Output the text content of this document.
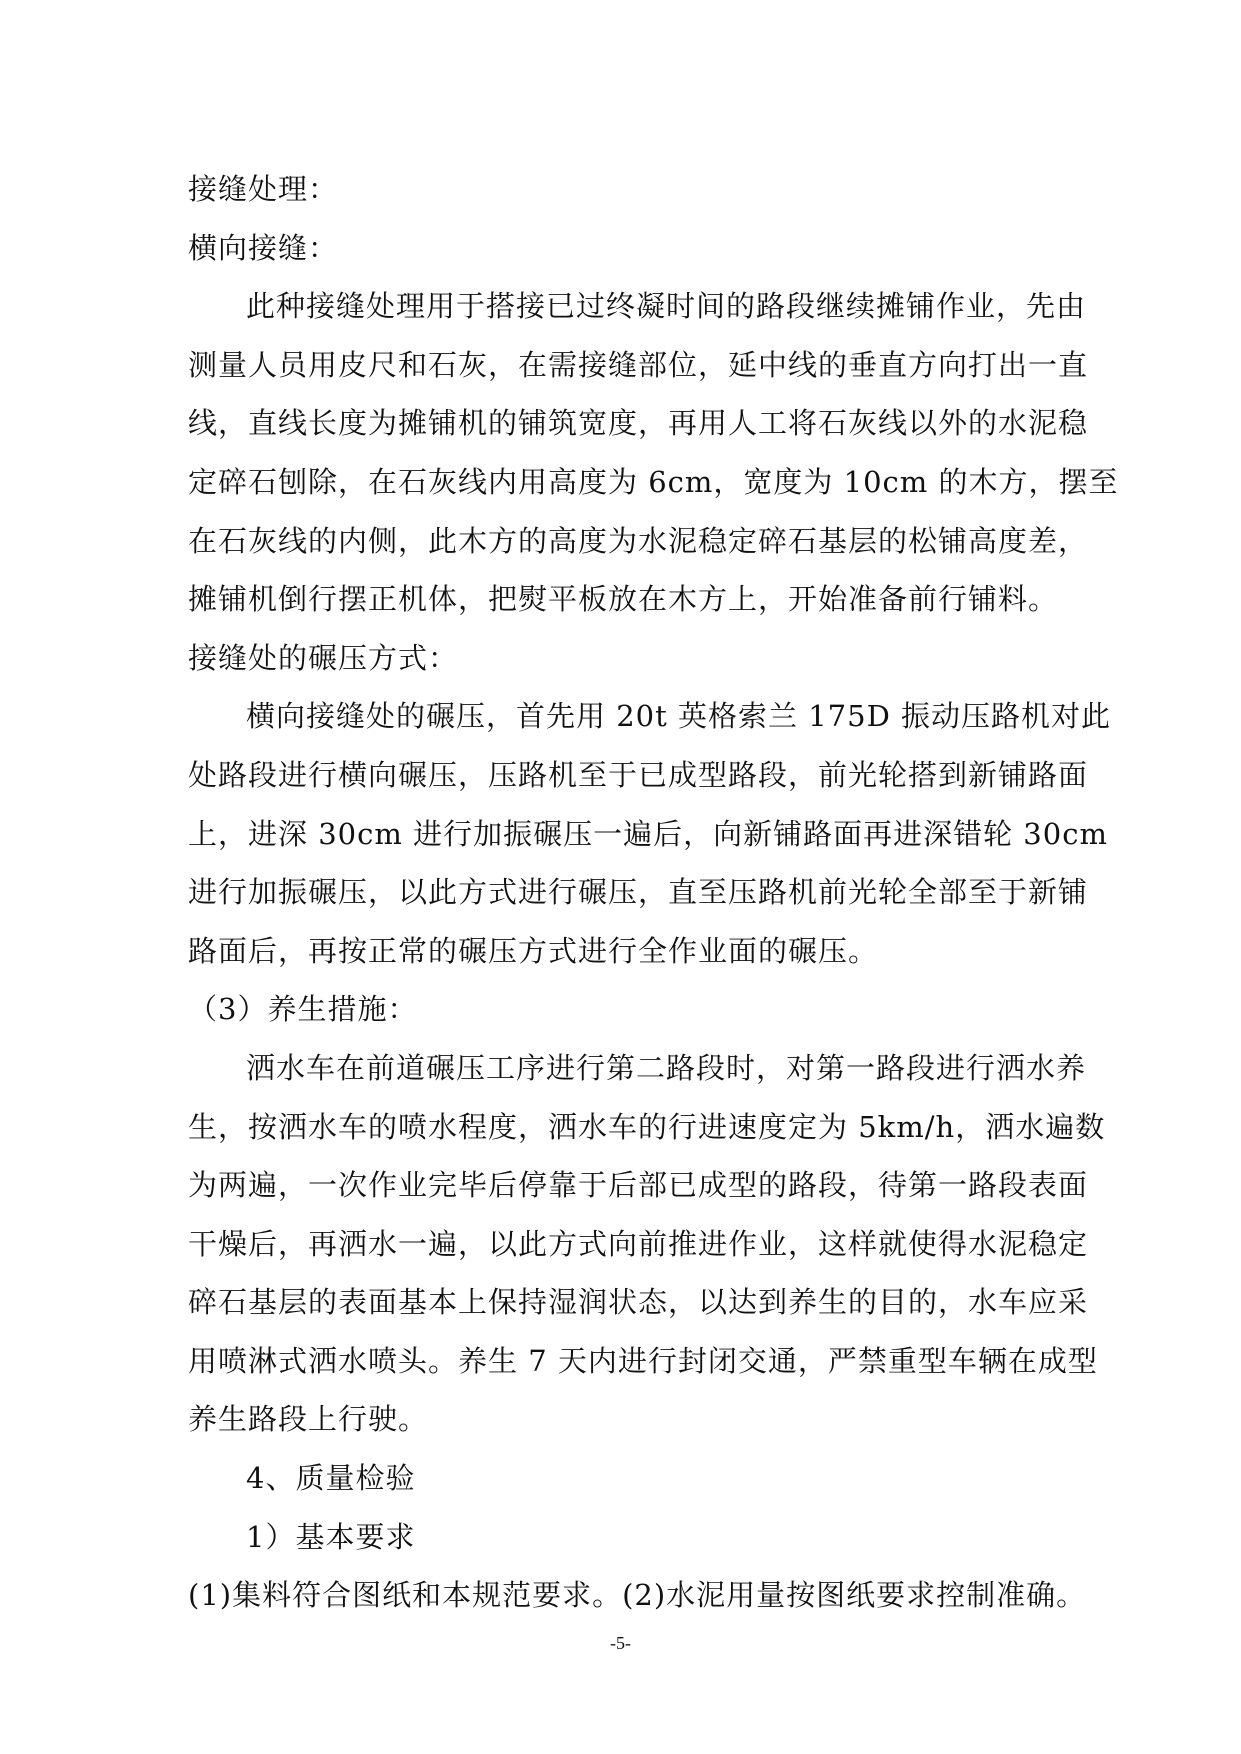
接缝处理：
横向接缝：
此种接缝处理用于搭接已过终凝时间的路段继续摊铺作业，先由
测量人员用皮尺和石灰，在需接缝部位，延中线的垂直方向打出一直
线，直线长度为摊铺机的铺筑宽度，再用人工将石灰线以外的水泥稳
定碎石刨除，在石灰线内用高度为 6cm，宽度为 10cm 的木方，摆至
在石灰线的内侧，此木方的高度为水泥稳定碎石基层的松铺高度差，
摊铺机倒行摆正机体，把熨平板放在木方上，开始准备前行铺料。
接缝处的碾压方式：
横向接缝处的碾压，首先用 20t 英格索兰 175D 振动压路机对此
处路段进行横向碾压，压路机至于已成型路段，前光轮搭到新铺路面
上，进深 30cm 进行加振碾压一遍后，向新铺路面再进深错轮 30cm
进行加振碾压，以此方式进行碾压，直至压路机前光轮全部至于新铺
路面后，再按正常的碾压方式进行全作业面的碾压。
（3）养生措施：
洒水车在前道碾压工序进行第二路段时，对第一路段进行洒水养
生，按洒水车的喷水程度，洒水车的行进速度定为 5km/h，洒水遍数
为两遍，一次作业完毕后停靠于后部已成型的路段，待第一路段表面
干燥后，再洒水一遍，以此方式向前推进作业，这样就使得水泥稳定
碎石基层的表面基本上保持湿润状态，以达到养生的目的，水车应采
用喷淋式洒水喷头。养生 7 天内进行封闭交通，严禁重型车辆在成型
养生路段上行驶。
4、质量检验
1）基本要求
(1)集料符合图纸和本规范要求。(2)水泥用量按图纸要求控制准确。
-5-
